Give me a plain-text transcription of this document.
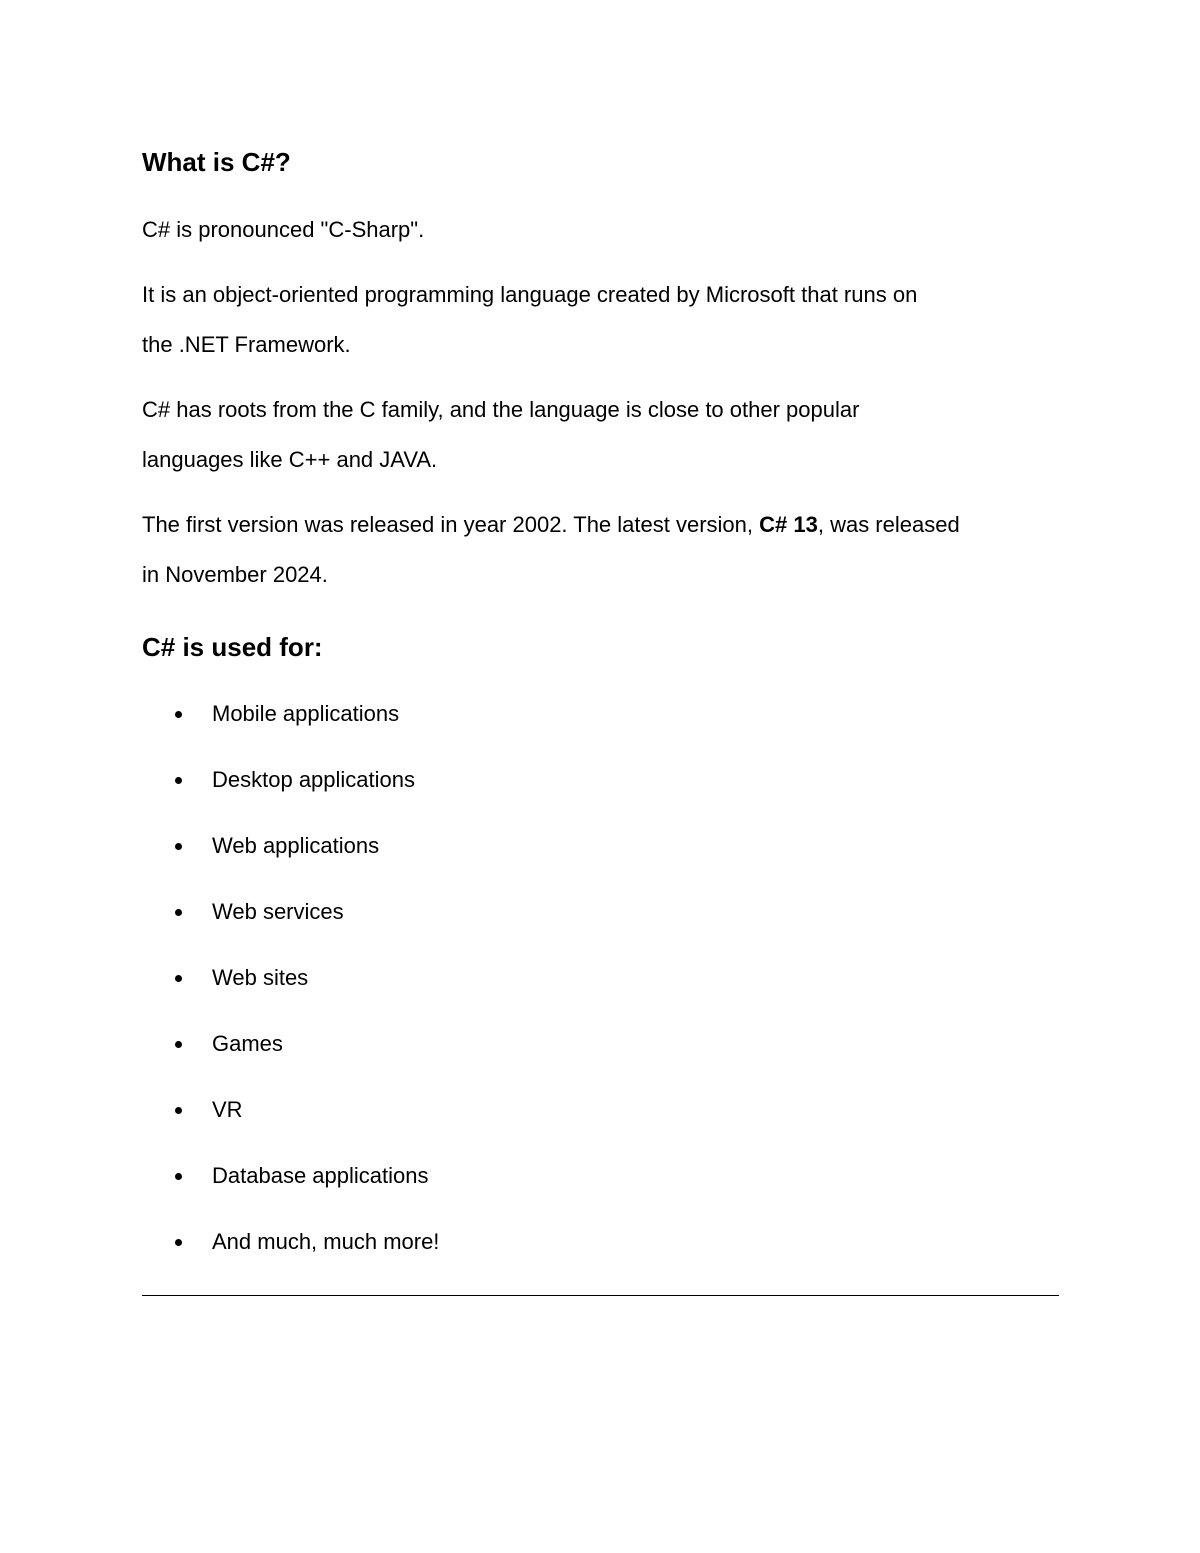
What is C#?
C# is pronounced "C-Sharp".
It is an object-oriented programming language created by Microsoft that runs on
the .NET Framework.
C# has roots from the C family, and the language is close to other popular
languages like C++ and JAVA.
The first version was released in year 2002. The latest version, C# 13, was released
in November 2024.
C# is used for:
Mobile applications
Desktop applications
Web applications
Web services
Web sites
Games
VR
Database applications
And much, much more!
